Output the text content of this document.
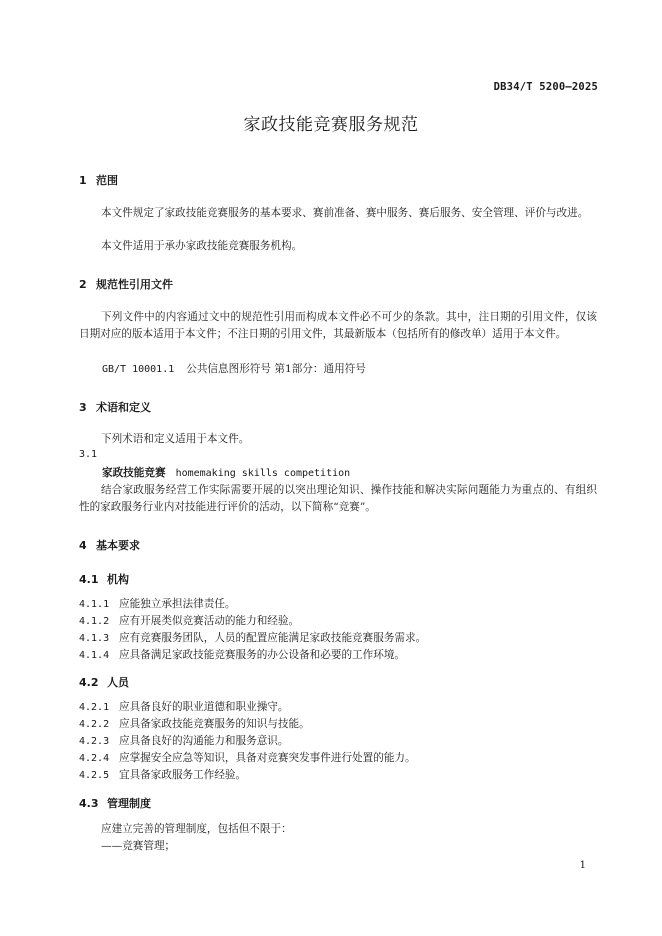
DB34/T 5200—2025
家政技能竞赛服务规范
1 范围
本文件规定了家政技能竞赛服务的基本要求、赛前准备、赛中服务、赛后服务、安全管理、评价与改进。
本文件适用于承办家政技能竞赛服务机构。
2 规范性引用文件
下列文件中的内容通过文中的规范性引用而构成本文件必不可少的条款。其中，注日期的引用文件，仅该日期对应的版本适用于本文件；不注日期的引用文件，其最新版本（包括所有的修改单）适用于本文件。
GB/T 10001.1 公共信息图形符号 第1部分：通用符号
3 术语和定义
下列术语和定义适用于本文件。
3.1
家政技能竞赛 homemaking skills competition
结合家政服务经营工作实际需要开展的以突出理论知识、操作技能和解决实际问题能力为重点的、有组织性的家政服务行业内对技能进行评价的活动，以下简称“竞赛”。
4 基本要求
4.1 机构
4.1.1 应能独立承担法律责任。
4.1.2 应有开展类似竞赛活动的能力和经验。
4.1.3 应有竞赛服务团队，人员的配置应能满足家政技能竞赛服务需求。
4.1.4 应具备满足家政技能竞赛服务的办公设备和必要的工作环境。
4.2 人员
4.2.1 应具备良好的职业道德和职业操守。
4.2.2 应具备家政技能竞赛服务的知识与技能。
4.2.3 应具备良好的沟通能力和服务意识。
4.2.4 应掌握安全应急等知识，具备对竞赛突发事件进行处置的能力。
4.2.5 宜具备家政服务工作经验。
4.3 管理制度
应建立完善的管理制度，包括但不限于：
——竞赛管理；
1
